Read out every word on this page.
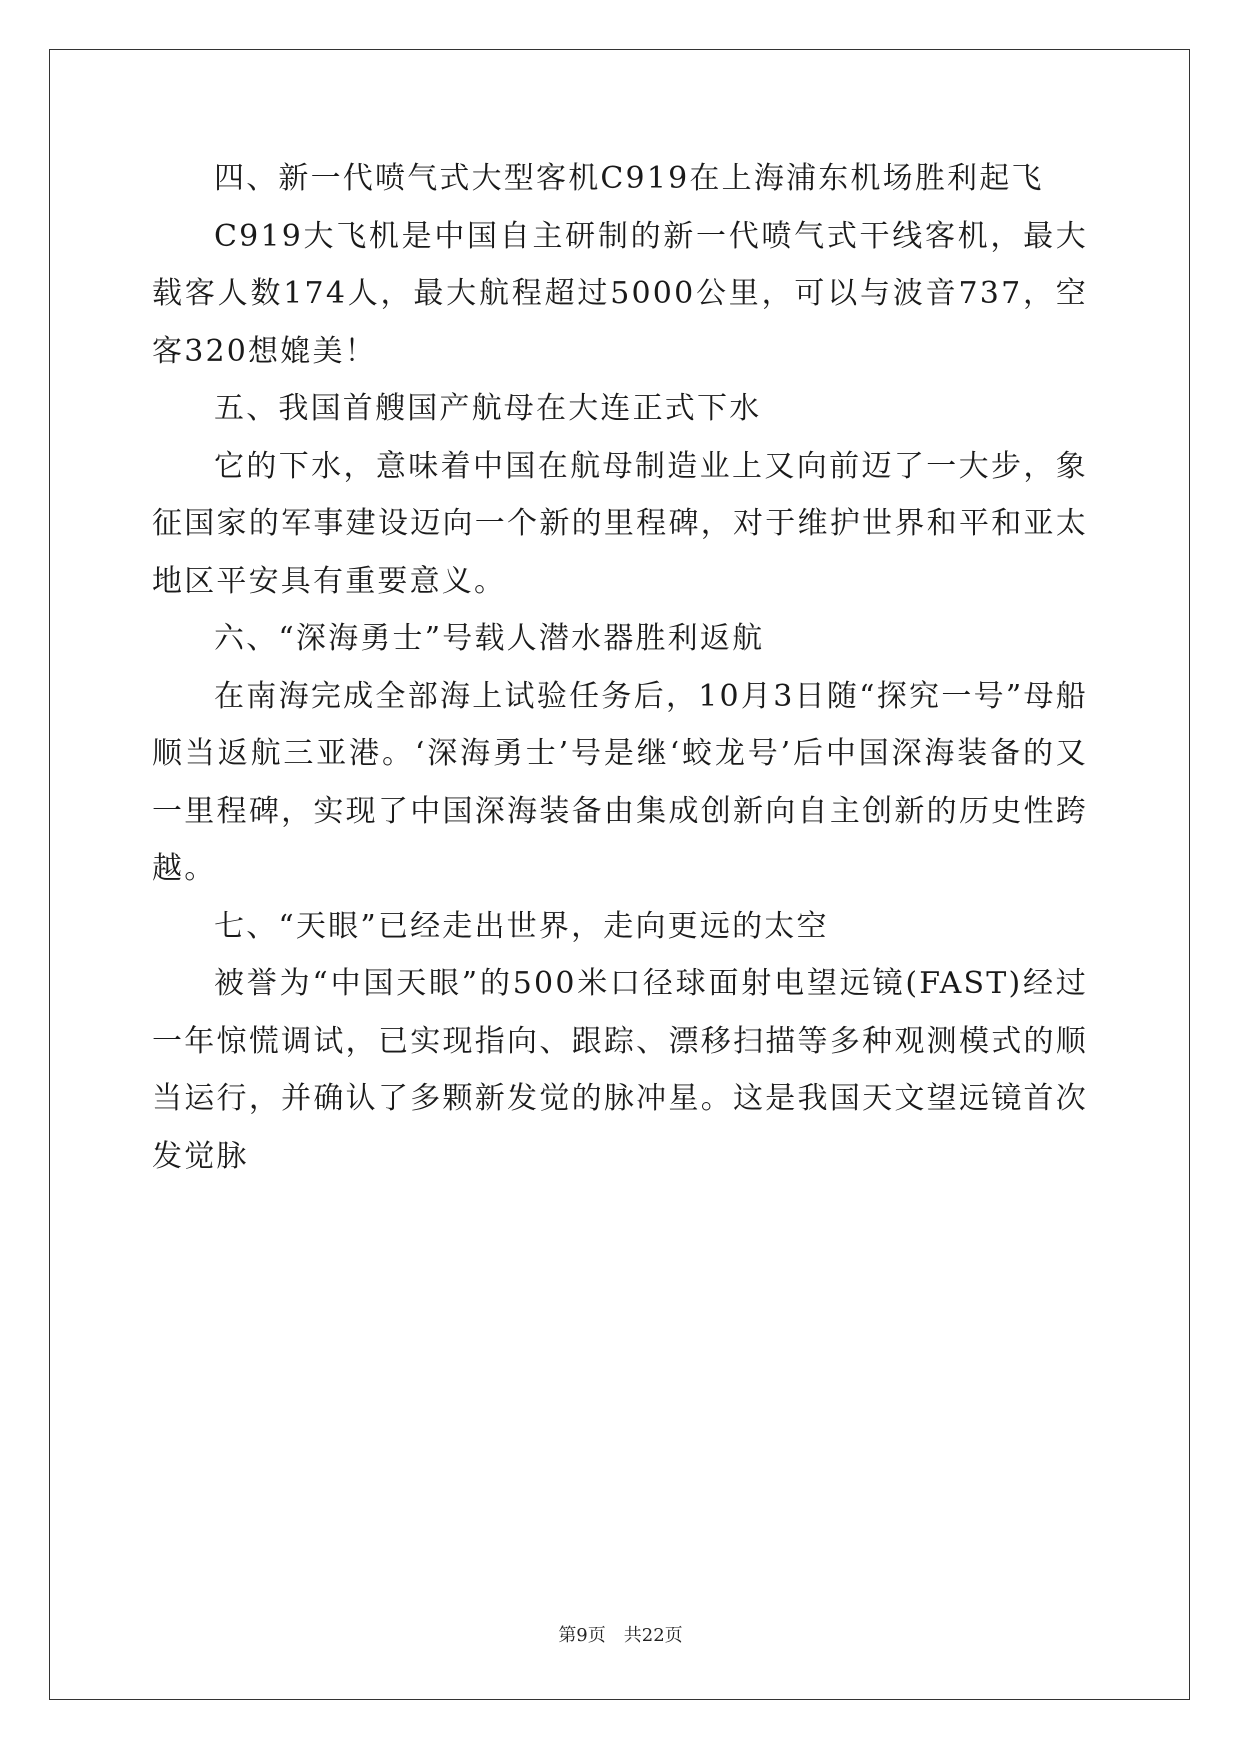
四、新一代喷气式大型客机C919在上海浦东机场胜利起飞

C919大飞机是中国自主研制的新一代喷气式干线客机，最大载客人数174人，最大航程超过5000公里，可以与波音737，空客320想媲美！

五、我国首艘国产航母在大连正式下水

它的下水，意味着中国在航母制造业上又向前迈了一大步，象征国家的军事建设迈向一个新的里程碑，对于维护世界和平和亚太地区平安具有重要意义。

六、“深海勇士”号载人潜水器胜利返航

在南海完成全部海上试验任务后，10月3日随“探究一号”母船顺当返航三亚港。‘深海勇士’号是继‘蛟龙号’后中国深海装备的又一里程碑，实现了中国深海装备由集成创新向自主创新的历史性跨越。

七、“天眼”已经走出世界，走向更远的太空

被誉为“中国天眼”的500米口径球面射电望远镜(FAST)经过一年惊慌调试，已实现指向、跟踪、漂移扫描等多种观测模式的顺当运行，并确认了多颗新发觉的脉冲星。这是我国天文望远镜首次发觉脉

第9页　共22页
